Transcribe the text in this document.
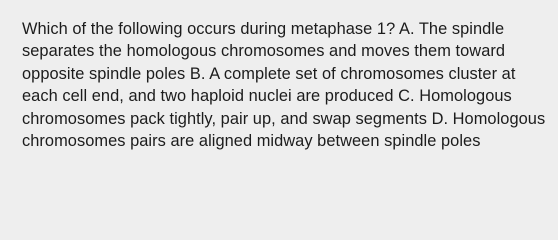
Which of the following occurs during metaphase 1? A. The spindle separates the homologous chromosomes and moves them toward opposite spindle poles B. A complete set of chromosomes cluster at each cell end, and two haploid nuclei are produced C. Homologous chromosomes pack tightly, pair up, and swap segments D. Homologous chromosomes pairs are aligned midway between spindle poles
